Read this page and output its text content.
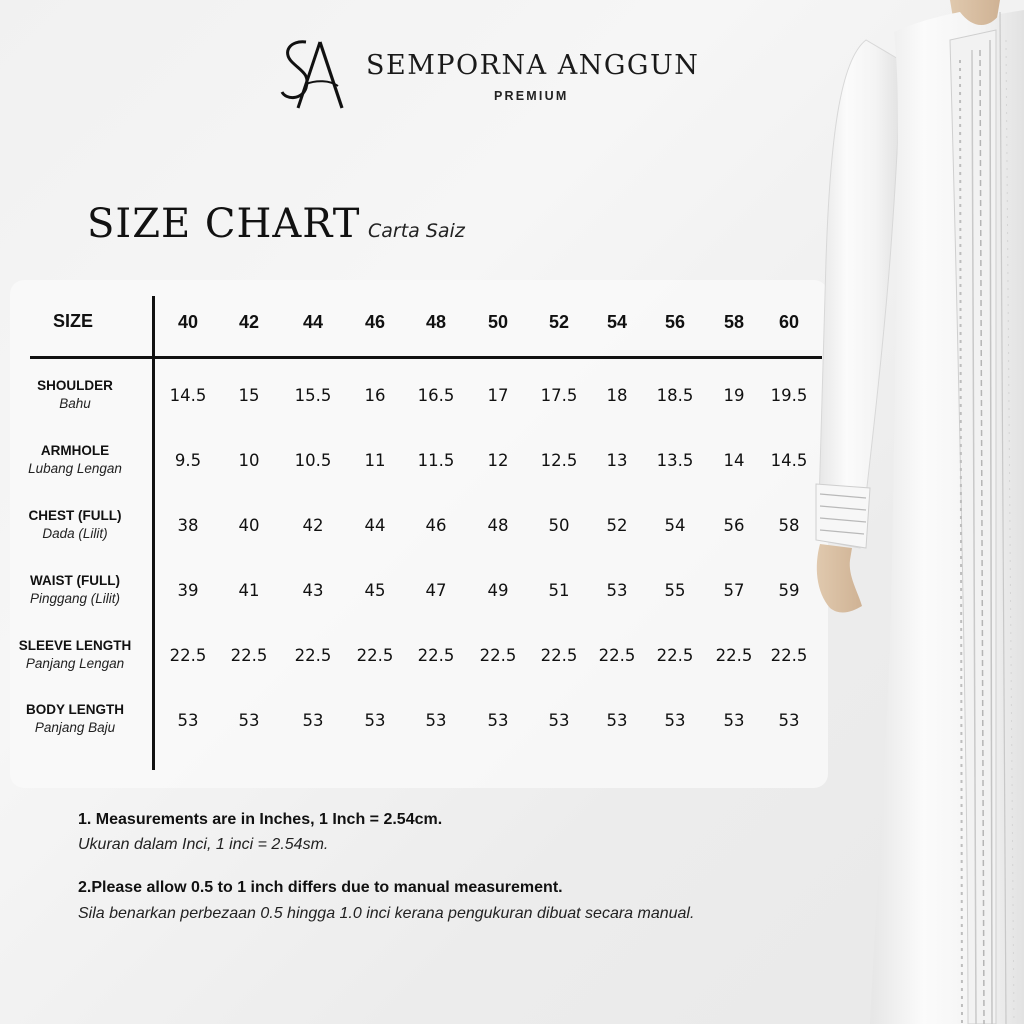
SEMPORNA ANGGUN
PREMIUM
SIZE CHART Carta Saiz
SIZE	40	42	44	46	48	50	52	54	56	58	60
SHOULDER
Bahu	14.5	15	15.5	16	16.5	17	17.5	18	18.5	19	19.5
ARMHOLE
Lubang Lengan	9.5	10	10.5	11	11.5	12	12.5	13	13.5	14	14.5
CHEST (FULL)
Dada (Lilit)	38	40	42	44	46	48	50	52	54	56	58
WAIST (FULL)
Pinggang (Lilit)	39	41	43	45	47	49	51	53	55	57	59
SLEEVE LENGTH
Panjang Lengan	22.5	22.5	22.5	22.5	22.5	22.5	22.5	22.5	22.5	22.5	22.5
BODY LENGTH
Panjang Baju	53	53	53	53	53	53	53	53	53	53	53
1. Measurements are in Inches, 1 Inch = 2.54cm.
Ukuran dalam Inci, 1 inci = 2.54sm.
2.Please allow 0.5 to 1 inch differs due to manual measurement.
Sila benarkan perbezaan 0.5 hingga 1.0 inci kerana pengukuran dibuat secara manual.
